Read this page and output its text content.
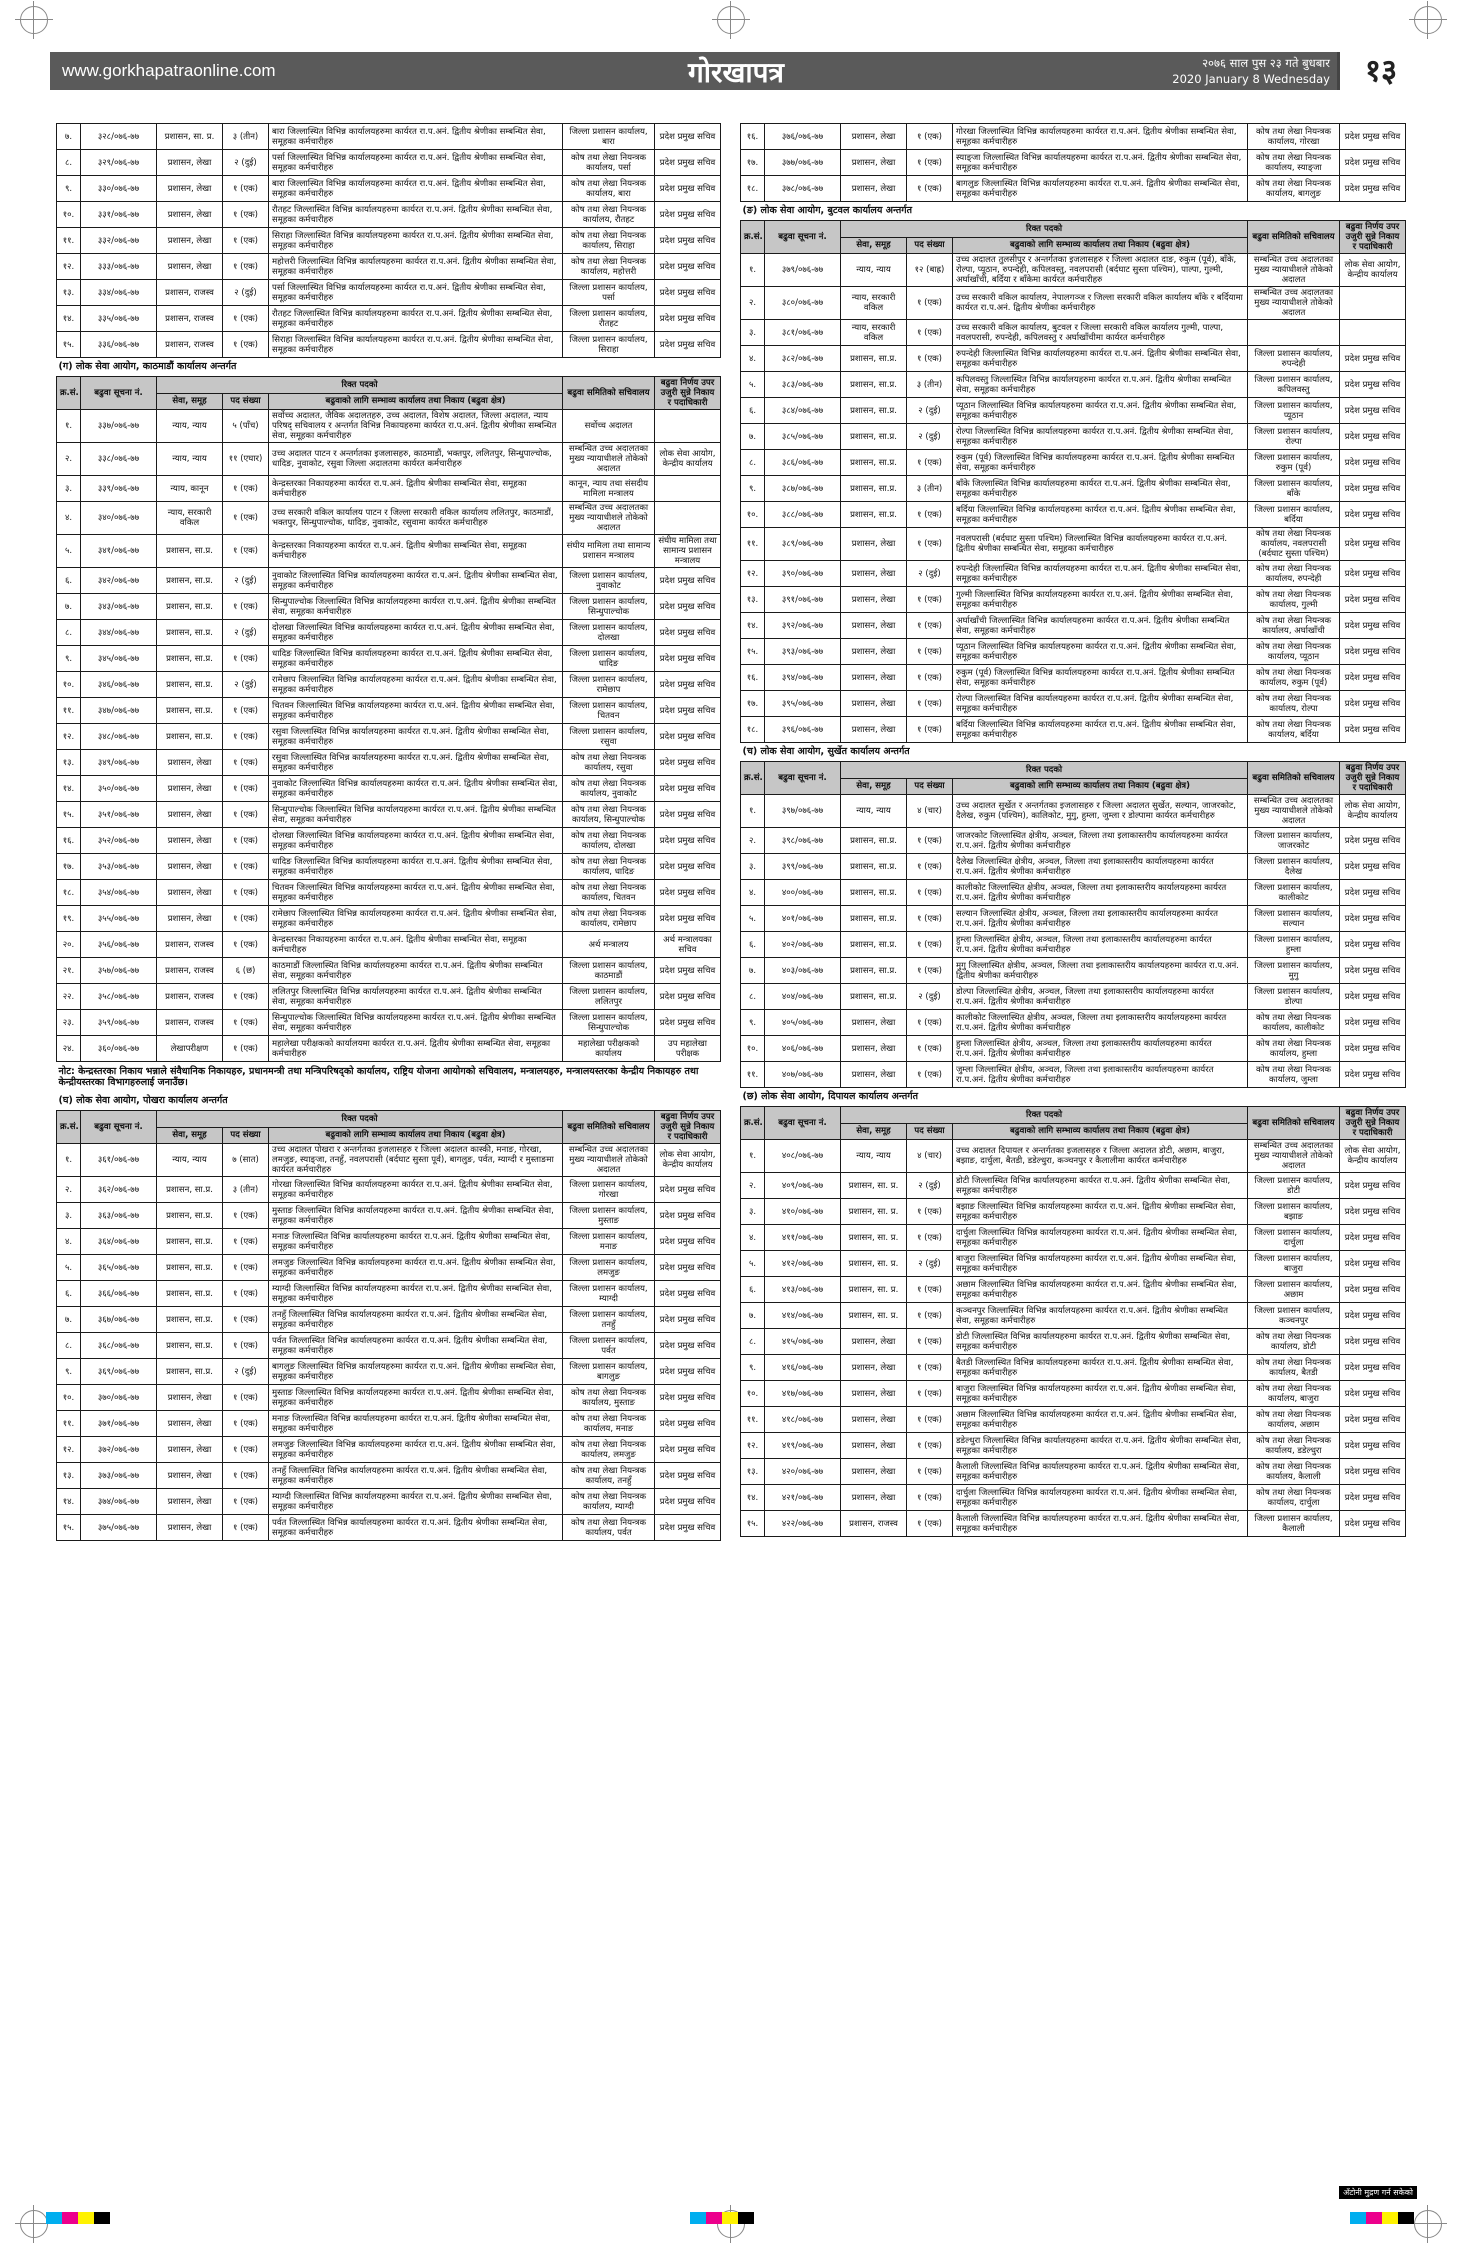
www.gorkhapatraonline.com	गोरखापत्र	२०७६ साल पुस २३ गते बुधबार
2020 January 8 Wednesday	१३
७.	३२८/०७६-७७	प्रशासन, सा. प्र.	३ (तीन)	बारा जिल्लास्थित विभिन्न कार्यालयहरुमा कार्यरत रा.प.अनं. द्वितीय श्रेणीका सम्बन्धित सेवा, समूहका कर्मचारीहरु	जिल्ला प्रशासन कार्यालय, बारा	प्रदेश प्रमुख सचिव
८.	३२९/०७६-७७	प्रशासन, लेखा	२ (दुई)	पर्सा जिल्लास्थित विभिन्न कार्यालयहरुमा कार्यरत रा.प.अनं. द्वितीय श्रेणीका सम्बन्धित सेवा, समूहका कर्मचारीहरु	कोष तथा लेखा नियन्त्रक कार्यालय, पर्सा	प्रदेश प्रमुख सचिव
९.	३३०/०७६-७७	प्रशासन, लेखा	१ (एक)	बारा जिल्लास्थित विभिन्न कार्यालयहरुमा कार्यरत रा.प.अनं. द्वितीय श्रेणीका सम्बन्धित सेवा, समूहका कर्मचारीहरु	कोष तथा लेखा नियन्त्रक कार्यालय, बारा	प्रदेश प्रमुख सचिव
१०.	३३१/०७६-७७	प्रशासन, लेखा	१ (एक)	रौतहट जिल्लास्थित विभिन्न कार्यालयहरुमा कार्यरत रा.प.अनं. द्वितीय श्रेणीका सम्बन्धित सेवा, समूहका कर्मचारीहरु	कोष तथा लेखा नियन्त्रक कार्यालय, रौतहट	प्रदेश प्रमुख सचिव
११.	३३२/०७६-७७	प्रशासन, लेखा	१ (एक)	सिराहा जिल्लास्थित विभिन्न कार्यालयहरुमा कार्यरत रा.प.अनं. द्वितीय श्रेणीका सम्बन्धित सेवा, समूहका कर्मचारीहरु	कोष तथा लेखा नियन्त्रक कार्यालय, सिराहा	प्रदेश प्रमुख सचिव
१२.	३३३/०७६-७७	प्रशासन, लेखा	१ (एक)	महोत्तरी जिल्लास्थित विभिन्न कार्यालयहरुमा कार्यरत रा.प.अनं. द्वितीय श्रेणीका सम्बन्धित सेवा, समूहका कर्मचारीहरु	कोष तथा लेखा नियन्त्रक कार्यालय, महोत्तरी	प्रदेश प्रमुख सचिव
१३.	३३४/०७६-७७	प्रशासन, राजस्व	२ (दुई)	पर्सा जिल्लास्थित विभिन्न कार्यालयहरुमा कार्यरत रा.प.अनं. द्वितीय श्रेणीका सम्बन्धित सेवा, समूहका कर्मचारीहरु	जिल्ला प्रशासन कार्यालय, पर्सा	प्रदेश प्रमुख सचिव
१४.	३३५/०७६-७७	प्रशासन, राजस्व	१ (एक)	रौतहट जिल्लास्थित विभिन्न कार्यालयहरुमा कार्यरत रा.प.अनं. द्वितीय श्रेणीका सम्बन्धित सेवा, समूहका कर्मचारीहरु	जिल्ला प्रशासन कार्यालय, रौतहट	प्रदेश प्रमुख सचिव
१५.	३३६/०७६-७७	प्रशासन, राजस्व	१ (एक)	सिराहा जिल्लास्थित विभिन्न कार्यालयहरुमा कार्यरत रा.प.अनं. द्वितीय श्रेणीका सम्बन्धित सेवा, समूहका कर्मचारीहरु	जिल्ला प्रशासन कार्यालय, सिराहा	प्रदेश प्रमुख सचिव
(ग) लोक सेवा आयोग, काठमाडौं कार्यालय अन्तर्गत						
क्र.सं.	बढुवा सूचना नं.	रिक्त पदको			बढुवा समितिको सचिवालय	बढुवा निर्णय उपर उजुरी सुन्ने निकाय र पदाधिकारी
		सेवा, समूह	पद संख्या	बढुवाको लागि सम्भाव्य कार्यालय तथा निकाय (बढुवा क्षेत्र)		
१.	३३७/०७६-७७	न्याय, न्याय	५ (पाँच)	सर्वोच्च अदालत, जैविक अदालतहरु, उच्च अदालत, विशेष अदालत, जिल्ला अदालत, न्याय परिषद् सचिवालय र अन्तर्गत विभिन्न निकायहरुमा कार्यरत रा.प.अनं. द्वितीय श्रेणीका सम्बन्धित सेवा, समूहका कर्मचारीहरु	सर्वोच्च अदालत	
२.	३३८/०७६-७७	न्याय, न्याय	११ (एघार)	उच्च अदालत पाटन र अन्तर्गतका इजलासहरु, काठमाडौं, भक्तपुर, ललितपुर, सिन्धुपाल्चोक, धादिङ, नुवाकोट, रसुवा जिल्ला अदालतमा कार्यरत कर्मचारीहरु	सम्बन्धित उच्च अदालतका मुख्य न्यायाधीशले तोकेको अदालत	लोक सेवा आयोग, केन्द्रीय कार्यालय
३.	३३९/०७६-७७	न्याय, कानून	१ (एक)	केन्द्रस्तरका निकायहरुमा कार्यरत रा.प.अनं. द्वितीय श्रेणीका सम्बन्धित सेवा, समूहका कर्मचारीहरु	कानून, न्याय तथा संसदीय मामिला मन्त्रालय	
४.	३४०/०७६-७७	न्याय, सरकारी वकिल	१ (एक)	उच्च सरकारी वकिल कार्यालय पाटन र जिल्ला सरकारी वकिल कार्यालय ललितपुर, काठमाडौं, भक्तपुर, सिन्धुपाल्चोक, धादिङ, नुवाकोट, रसुवामा कार्यरत कर्मचारीहरु	सम्बन्धित उच्च अदालतका मुख्य न्यायाधीशले तोकेको अदालत	
५.	३४१/०७६-७७	प्रशासन, सा.प्र.	१ (एक)	केन्द्रस्तरका निकायहरुमा कार्यरत रा.प.अनं. द्वितीय श्रेणीका सम्बन्धित सेवा, समूहका कर्मचारीहरु	संघीय मामिला तथा सामान्य प्रशासन मन्त्रालय	संघीय मामिला तथा सामान्य प्रशासन मन्त्रालय
६.	३४२/०७६-७७	प्रशासन, सा.प्र.	२ (दुई)	नुवाकोट जिल्लास्थित विभिन्न कार्यालयहरुमा कार्यरत रा.प.अनं. द्वितीय श्रेणीका सम्बन्धित सेवा, समूहका कर्मचारीहरु	जिल्ला प्रशासन कार्यालय, नुवाकोट	प्रदेश प्रमुख सचिव
७.	३४३/०७६-७७	प्रशासन, सा.प्र.	१ (एक)	सिन्धुपाल्चोक जिल्लास्थित विभिन्न कार्यालयहरुमा कार्यरत रा.प.अनं. द्वितीय श्रेणीका सम्बन्धित सेवा, समूहका कर्मचारीहरु	जिल्ला प्रशासन कार्यालय, सिन्धुपाल्चोक	प्रदेश प्रमुख सचिव
८.	३४४/०७६-७७	प्रशासन, सा.प्र.	२ (दुई)	दोलखा जिल्लास्थित विभिन्न कार्यालयहरुमा कार्यरत रा.प.अनं. द्वितीय श्रेणीका सम्बन्धित सेवा, समूहका कर्मचारीहरु	जिल्ला प्रशासन कार्यालय, दोलखा	प्रदेश प्रमुख सचिव
९.	३४५/०७६-७७	प्रशासन, सा.प्र.	१ (एक)	धादिङ जिल्लास्थित विभिन्न कार्यालयहरुमा कार्यरत रा.प.अनं. द्वितीय श्रेणीका सम्बन्धित सेवा, समूहका कर्मचारीहरु	जिल्ला प्रशासन कार्यालय, धादिङ	प्रदेश प्रमुख सचिव
१०.	३४६/०७६-७७	प्रशासन, सा.प्र.	२ (दुई)	रामेछाप जिल्लास्थित विभिन्न कार्यालयहरुमा कार्यरत रा.प.अनं. द्वितीय श्रेणीका सम्बन्धित सेवा, समूहका कर्मचारीहरु	जिल्ला प्रशासन कार्यालय, रामेछाप	प्रदेश प्रमुख सचिव
११.	३४७/०७६-७७	प्रशासन, सा.प्र.	१ (एक)	चितवन जिल्लास्थित विभिन्न कार्यालयहरुमा कार्यरत रा.प.अनं. द्वितीय श्रेणीका सम्बन्धित सेवा, समूहका कर्मचारीहरु	जिल्ला प्रशासन कार्यालय, चितवन	प्रदेश प्रमुख सचिव
१२.	३४८/०७६-७७	प्रशासन, सा.प्र.	१ (एक)	रसुवा जिल्लास्थित विभिन्न कार्यालयहरुमा कार्यरत रा.प.अनं. द्वितीय श्रेणीका सम्बन्धित सेवा, समूहका कर्मचारीहरु	जिल्ला प्रशासन कार्यालय, रसुवा	प्रदेश प्रमुख सचिव
१३.	३४९/०७६-७७	प्रशासन, लेखा	१ (एक)	रसुवा जिल्लास्थित विभिन्न कार्यालयहरुमा कार्यरत रा.प.अनं. द्वितीय श्रेणीका सम्बन्धित सेवा, समूहका कर्मचारीहरु	कोष तथा लेखा नियन्त्रक कार्यालय, रसुवा	प्रदेश प्रमुख सचिव
१४.	३५०/०७६-७७	प्रशासन, लेखा	१ (एक)	नुवाकोट जिल्लास्थित विभिन्न कार्यालयहरुमा कार्यरत रा.प.अनं. द्वितीय श्रेणीका सम्बन्धित सेवा, समूहका कर्मचारीहरु	कोष तथा लेखा नियन्त्रक कार्यालय, नुवाकोट	प्रदेश प्रमुख सचिव
१५.	३५१/०७६-७७	प्रशासन, लेखा	१ (एक)	सिन्धुपाल्चोक जिल्लास्थित विभिन्न कार्यालयहरुमा कार्यरत रा.प.अनं. द्वितीय श्रेणीका सम्बन्धित सेवा, समूहका कर्मचारीहरु	कोष तथा लेखा नियन्त्रक कार्यालय, सिन्धुपाल्चोक	प्रदेश प्रमुख सचिव
१६.	३५२/०७६-७७	प्रशासन, लेखा	१ (एक)	दोलखा जिल्लास्थित विभिन्न कार्यालयहरुमा कार्यरत रा.प.अनं. द्वितीय श्रेणीका सम्बन्धित सेवा, समूहका कर्मचारीहरु	कोष तथा लेखा नियन्त्रक कार्यालय, दोलखा	प्रदेश प्रमुख सचिव
१७.	३५३/०७६-७७	प्रशासन, लेखा	१ (एक)	धादिङ जिल्लास्थित विभिन्न कार्यालयहरुमा कार्यरत रा.प.अनं. द्वितीय श्रेणीका सम्बन्धित सेवा, समूहका कर्मचारीहरु	कोष तथा लेखा नियन्त्रक कार्यालय, धादिङ	प्रदेश प्रमुख सचिव
१८.	३५४/०७६-७७	प्रशासन, लेखा	१ (एक)	चितवन जिल्लास्थित विभिन्न कार्यालयहरुमा कार्यरत रा.प.अनं. द्वितीय श्रेणीका सम्बन्धित सेवा, समूहका कर्मचारीहरु	कोष तथा लेखा नियन्त्रक कार्यालय, चितवन	प्रदेश प्रमुख सचिव
१९.	३५५/०७६-७७	प्रशासन, लेखा	१ (एक)	रामेछाप जिल्लास्थित विभिन्न कार्यालयहरुमा कार्यरत रा.प.अनं. द्वितीय श्रेणीका सम्बन्धित सेवा, समूहका कर्मचारीहरु	कोष तथा लेखा नियन्त्रक कार्यालय, रामेछाप	प्रदेश प्रमुख सचिव
२०.	३५६/०७६-७७	प्रशासन, राजस्व	१ (एक)	केन्द्रस्तरका निकायहरुमा कार्यरत रा.प.अनं. द्वितीय श्रेणीका सम्बन्धित सेवा, समूहका कर्मचारीहरु	अर्थ मन्त्रालय	अर्थ मन्त्रालयका सचिव
२१.	३५७/०७६-७७	प्रशासन, राजस्व	६ (छ)	काठमाडौं जिल्लास्थित विभिन्न कार्यालयहरुमा कार्यरत रा.प.अनं. द्वितीय श्रेणीका सम्बन्धित सेवा, समूहका कर्मचारीहरु	जिल्ला प्रशासन कार्यालय, काठमाडौं	प्रदेश प्रमुख सचिव
२२.	३५८/०७६-७७	प्रशासन, राजस्व	१ (एक)	ललितपुर जिल्लास्थित विभिन्न कार्यालयहरुमा कार्यरत रा.प.अनं. द्वितीय श्रेणीका सम्बन्धित सेवा, समूहका कर्मचारीहरु	जिल्ला प्रशासन कार्यालय, ललितपुर	प्रदेश प्रमुख सचिव
२३.	३५९/०७६-७७	प्रशासन, राजस्व	१ (एक)	सिन्धुपाल्चोक जिल्लास्थित विभिन्न कार्यालयहरुमा कार्यरत रा.प.अनं. द्वितीय श्रेणीका सम्बन्धित सेवा, समूहका कर्मचारीहरु	जिल्ला प्रशासन कार्यालय, सिन्धुपाल्चोक	प्रदेश प्रमुख सचिव
२४.	३६०/०७६-७७	लेखापरीक्षण	१ (एक)	महालेखा परीक्षकको कार्यालयमा कार्यरत रा.प.अनं. द्वितीय श्रेणीका सम्बन्धित सेवा, समूहका कर्मचारीहरु	महालेखा परीक्षकको कार्यालय	उप महालेखा परीक्षक
नोट: केन्द्रस्तरका निकाय भन्नाले संवैधानिक निकायहरु, प्रधानमन्त्री तथा मन्त्रिपरिषद्को कार्यालय, राष्ट्रिय योजना आयोगको सचिवालय, मन्त्रालयहरु, मन्त्रालयस्तरका केन्द्रीय निकायहरु तथा केन्द्रीयस्तरका विभागहरुलाई जनाउँछ।						
(घ) लोक सेवा आयोग, पोखरा कार्यालय अन्तर्गत						
क्र.सं.	बढुवा सूचना नं.	रिक्त पदको			बढुवा समितिको सचिवालय	बढुवा निर्णय उपर उजुरी सुन्ने निकाय र पदाधिकारी
		सेवा, समूह	पद संख्या	बढुवाको लागि सम्भाव्य कार्यालय तथा निकाय (बढुवा क्षेत्र)		
१.	३६१/०७६-७७	न्याय, न्याय	७ (सात)	उच्च अदालत पोखरा र अन्तर्गतका इजलासहरु र जिल्ला अदालत कास्की, मनाङ, गोरखा, लमजुङ, स्याङ्जा, तनहुँ, नवलपरासी (बर्दघाट सुस्ता पूर्व), बागलुङ, पर्वत, म्याग्दी र मुस्ताङमा कार्यरत कर्मचारीहरु	सम्बन्धित उच्च अदालतका मुख्य न्यायाधीशले तोकेको अदालत	लोक सेवा आयोग, केन्द्रीय कार्यालय
२.	३६२/०७६-७७	प्रशासन, सा.प्र.	३ (तीन)	गोरखा जिल्लास्थित विभिन्न कार्यालयहरुमा कार्यरत रा.प.अनं. द्वितीय श्रेणीका सम्बन्धित सेवा, समूहका कर्मचारीहरु	जिल्ला प्रशासन कार्यालय, गोरखा	प्रदेश प्रमुख सचिव
३.	३६३/०७६-७७	प्रशासन, सा.प्र.	१ (एक)	मुस्ताङ जिल्लास्थित विभिन्न कार्यालयहरुमा कार्यरत रा.प.अनं. द्वितीय श्रेणीका सम्बन्धित सेवा, समूहका कर्मचारीहरु	जिल्ला प्रशासन कार्यालय, मुस्ताङ	प्रदेश प्रमुख सचिव
४.	३६४/०७६-७७	प्रशासन, सा.प्र.	१ (एक)	मनाङ जिल्लास्थित विभिन्न कार्यालयहरुमा कार्यरत रा.प.अनं. द्वितीय श्रेणीका सम्बन्धित सेवा, समूहका कर्मचारीहरु	जिल्ला प्रशासन कार्यालय, मनाङ	प्रदेश प्रमुख सचिव
५.	३६५/०७६-७७	प्रशासन, सा.प्र.	१ (एक)	लमजुङ जिल्लास्थित विभिन्न कार्यालयहरुमा कार्यरत रा.प.अनं. द्वितीय श्रेणीका सम्बन्धित सेवा, समूहका कर्मचारीहरु	जिल्ला प्रशासन कार्यालय, लमजुङ	प्रदेश प्रमुख सचिव
६.	३६६/०७६-७७	प्रशासन, सा.प्र.	१ (एक)	म्याग्दी जिल्लास्थित विभिन्न कार्यालयहरुमा कार्यरत रा.प.अनं. द्वितीय श्रेणीका सम्बन्धित सेवा, समूहका कर्मचारीहरु	जिल्ला प्रशासन कार्यालय, म्याग्दी	प्रदेश प्रमुख सचिव
७.	३६७/०७६-७७	प्रशासन, सा.प्र.	१ (एक)	तनहुँ जिल्लास्थित विभिन्न कार्यालयहरुमा कार्यरत रा.प.अनं. द्वितीय श्रेणीका सम्बन्धित सेवा, समूहका कर्मचारीहरु	जिल्ला प्रशासन कार्यालय, तनहुँ	प्रदेश प्रमुख सचिव
८.	३६८/०७६-७७	प्रशासन, सा.प्र.	१ (एक)	पर्वत जिल्लास्थित विभिन्न कार्यालयहरुमा कार्यरत रा.प.अनं. द्वितीय श्रेणीका सम्बन्धित सेवा, समूहका कर्मचारीहरु	जिल्ला प्रशासन कार्यालय, पर्वत	प्रदेश प्रमुख सचिव
९.	३६९/०७६-७७	प्रशासन, सा.प्र.	२ (दुई)	बागलुङ जिल्लास्थित विभिन्न कार्यालयहरुमा कार्यरत रा.प.अनं. द्वितीय श्रेणीका सम्बन्धित सेवा, समूहका कर्मचारीहरु	जिल्ला प्रशासन कार्यालय, बागलुङ	प्रदेश प्रमुख सचिव
१०.	३७०/०७६-७७	प्रशासन, लेखा	१ (एक)	मुस्ताङ जिल्लास्थित विभिन्न कार्यालयहरुमा कार्यरत रा.प.अनं. द्वितीय श्रेणीका सम्बन्धित सेवा, समूहका कर्मचारीहरु	कोष तथा लेखा नियन्त्रक कार्यालय, मुस्ताङ	प्रदेश प्रमुख सचिव
११.	३७१/०७६-७७	प्रशासन, लेखा	१ (एक)	मनाङ जिल्लास्थित विभिन्न कार्यालयहरुमा कार्यरत रा.प.अनं. द्वितीय श्रेणीका सम्बन्धित सेवा, समूहका कर्मचारीहरु	कोष तथा लेखा नियन्त्रक कार्यालय, मनाङ	प्रदेश प्रमुख सचिव
१२.	३७२/०७६-७७	प्रशासन, लेखा	१ (एक)	लमजुङ जिल्लास्थित विभिन्न कार्यालयहरुमा कार्यरत रा.प.अनं. द्वितीय श्रेणीका सम्बन्धित सेवा, समूहका कर्मचारीहरु	कोष तथा लेखा नियन्त्रक कार्यालय, लमजुङ	प्रदेश प्रमुख सचिव
१३.	३७३/०७६-७७	प्रशासन, लेखा	१ (एक)	तनहुँ जिल्लास्थित विभिन्न कार्यालयहरुमा कार्यरत रा.प.अनं. द्वितीय श्रेणीका सम्बन्धित सेवा, समूहका कर्मचारीहरु	कोष तथा लेखा नियन्त्रक कार्यालय, तनहुँ	प्रदेश प्रमुख सचिव
१४.	३७४/०७६-७७	प्रशासन, लेखा	१ (एक)	म्याग्दी जिल्लास्थित विभिन्न कार्यालयहरुमा कार्यरत रा.प.अनं. द्वितीय श्रेणीका सम्बन्धित सेवा, समूहका कर्मचारीहरु	कोष तथा लेखा नियन्त्रक कार्यालय, म्याग्दी	प्रदेश प्रमुख सचिव
१५.	३७५/०७६-७७	प्रशासन, लेखा	१ (एक)	पर्वत जिल्लास्थित विभिन्न कार्यालयहरुमा कार्यरत रा.प.अनं. द्वितीय श्रेणीका सम्बन्धित सेवा, समूहका कर्मचारीहरु	कोष तथा लेखा नियन्त्रक कार्यालय, पर्वत	प्रदेश प्रमुख सचिव
१६.	३७६/०७६-७७	प्रशासन, लेखा	१ (एक)	गोरखा जिल्लास्थित विभिन्न कार्यालयहरुमा कार्यरत रा.प.अनं. द्वितीय श्रेणीका सम्बन्धित सेवा, समूहका कर्मचारीहरु	कोष तथा लेखा नियन्त्रक कार्यालय, गोरखा	प्रदेश प्रमुख सचिव
१७.	३७७/०७६-७७	प्रशासन, लेखा	१ (एक)	स्याङ्जा जिल्लास्थित विभिन्न कार्यालयहरुमा कार्यरत रा.प.अनं. द्वितीय श्रेणीका सम्बन्धित सेवा, समूहका कर्मचारीहरु	कोष तथा लेखा नियन्त्रक कार्यालय, स्याङ्जा	प्रदेश प्रमुख सचिव
१८.	३७८/०७६-७७	प्रशासन, लेखा	१ (एक)	बागलुङ जिल्लास्थित विभिन्न कार्यालयहरुमा कार्यरत रा.प.अनं. द्वितीय श्रेणीका सम्बन्धित सेवा, समूहका कर्मचारीहरु	कोष तथा लेखा नियन्त्रक कार्यालय, बागलुङ	प्रदेश प्रमुख सचिव
(ङ) लोक सेवा आयोग, बुटवल कार्यालय अन्तर्गत						
क्र.सं.	बढुवा सूचना नं.	रिक्त पदको			बढुवा समितिको सचिवालय	बढुवा निर्णय उपर उजुरी सुन्ने निकाय र पदाधिकारी
		सेवा, समूह	पद संख्या	बढुवाको लागि सम्भाव्य कार्यालय तथा निकाय (बढुवा क्षेत्र)		
१.	३७९/०७६-७७	न्याय, न्याय	१२ (बाह्र)	उच्च अदालत तुलसीपुर र अन्तर्गतका इजलासहरु र जिल्ला अदालत दाङ, रुकुम (पूर्व), बाँके, रोल्पा, प्यूठान, रुपन्देही, कपिलवस्तु, नवलपरासी (बर्दघाट सुस्ता पश्चिम), पाल्पा, गुल्मी, अर्घाखाँची, बर्दिया र बाँकेमा कार्यरत कर्मचारीहरु	सम्बन्धित उच्च अदालतका मुख्य न्यायाधीशले तोकेको अदालत	लोक सेवा आयोग, केन्द्रीय कार्यालय
२.	३८०/०७६-७७	न्याय, सरकारी वकिल	१ (एक)	उच्च सरकारी वकिल कार्यालय, नेपालगञ्ज र जिल्ला सरकारी वकिल कार्यालय बाँके र बर्दियामा कार्यरत रा.प.अनं. द्वितीय श्रेणीका कर्मचारीहरु	सम्बन्धित उच्च अदालतका मुख्य न्यायाधीशले तोकेको अदालत	
३.	३८१/०७६-७७	न्याय, सरकारी वकिल	१ (एक)	उच्च सरकारी वकिल कार्यालय, बुटवल र जिल्ला सरकारी वकिल कार्यालय गुल्मी, पाल्पा, नवलपरासी, रुपन्देही, कपिलवस्तु र अर्घाखाँचीमा कार्यरत कर्मचारीहरु		
४.	३८२/०७६-७७	प्रशासन, सा.प्र.	१ (एक)	रुपन्देही जिल्लास्थित विभिन्न कार्यालयहरुमा कार्यरत रा.प.अनं. द्वितीय श्रेणीका सम्बन्धित सेवा, समूहका कर्मचारीहरु	जिल्ला प्रशासन कार्यालय, रुपन्देही	प्रदेश प्रमुख सचिव
५.	३८३/०७६-७७	प्रशासन, सा.प्र.	३ (तीन)	कपिलवस्तु जिल्लास्थित विभिन्न कार्यालयहरुमा कार्यरत रा.प.अनं. द्वितीय श्रेणीका सम्बन्धित सेवा, समूहका कर्मचारीहरु	जिल्ला प्रशासन कार्यालय, कपिलवस्तु	प्रदेश प्रमुख सचिव
६.	३८४/०७६-७७	प्रशासन, सा.प्र.	२ (दुई)	प्यूठान जिल्लास्थित विभिन्न कार्यालयहरुमा कार्यरत रा.प.अनं. द्वितीय श्रेणीका सम्बन्धित सेवा, समूहका कर्मचारीहरु	जिल्ला प्रशासन कार्यालय, प्यूठान	प्रदेश प्रमुख सचिव
७.	३८५/०७६-७७	प्रशासन, सा.प्र.	२ (दुई)	रोल्पा जिल्लास्थित विभिन्न कार्यालयहरुमा कार्यरत रा.प.अनं. द्वितीय श्रेणीका सम्बन्धित सेवा, समूहका कर्मचारीहरु	जिल्ला प्रशासन कार्यालय, रोल्पा	प्रदेश प्रमुख सचिव
८.	३८६/०७६-७७	प्रशासन, सा.प्र.	१ (एक)	रुकुम (पूर्व) जिल्लास्थित विभिन्न कार्यालयहरुमा कार्यरत रा.प.अनं. द्वितीय श्रेणीका सम्बन्धित सेवा, समूहका कर्मचारीहरु	जिल्ला प्रशासन कार्यालय, रुकुम (पूर्व)	प्रदेश प्रमुख सचिव
९.	३८७/०७६-७७	प्रशासन, सा.प्र.	३ (तीन)	बाँके जिल्लास्थित विभिन्न कार्यालयहरुमा कार्यरत रा.प.अनं. द्वितीय श्रेणीका सम्बन्धित सेवा, समूहका कर्मचारीहरु	जिल्ला प्रशासन कार्यालय, बाँके	प्रदेश प्रमुख सचिव
१०.	३८८/०७६-७७	प्रशासन, सा.प्र.	१ (एक)	बर्दिया जिल्लास्थित विभिन्न कार्यालयहरुमा कार्यरत रा.प.अनं. द्वितीय श्रेणीका सम्बन्धित सेवा, समूहका कर्मचारीहरु	जिल्ला प्रशासन कार्यालय, बर्दिया	प्रदेश प्रमुख सचिव
११.	३८९/०७६-७७	प्रशासन, लेखा	१ (एक)	नवलपरासी (बर्दघाट सुस्ता पश्चिम) जिल्लास्थित विभिन्न कार्यालयहरुमा कार्यरत रा.प.अनं. द्वितीय श्रेणीका सम्बन्धित सेवा, समूहका कर्मचारीहरु	कोष तथा लेखा नियन्त्रक कार्यालय, नवलपरासी (बर्दघाट सुस्ता पश्चिम)	प्रदेश प्रमुख सचिव
१२.	३९०/०७६-७७	प्रशासन, लेखा	२ (दुई)	रुपन्देही जिल्लास्थित विभिन्न कार्यालयहरुमा कार्यरत रा.प.अनं. द्वितीय श्रेणीका सम्बन्धित सेवा, समूहका कर्मचारीहरु	कोष तथा लेखा नियन्त्रक कार्यालय, रुपन्देही	प्रदेश प्रमुख सचिव
१३.	३९१/०७६-७७	प्रशासन, लेखा	१ (एक)	गुल्मी जिल्लास्थित विभिन्न कार्यालयहरुमा कार्यरत रा.प.अनं. द्वितीय श्रेणीका सम्बन्धित सेवा, समूहका कर्मचारीहरु	कोष तथा लेखा नियन्त्रक कार्यालय, गुल्मी	प्रदेश प्रमुख सचिव
१४.	३९२/०७६-७७	प्रशासन, लेखा	१ (एक)	अर्घाखाँची जिल्लास्थित विभिन्न कार्यालयहरुमा कार्यरत रा.प.अनं. द्वितीय श्रेणीका सम्बन्धित सेवा, समूहका कर्मचारीहरु	कोष तथा लेखा नियन्त्रक कार्यालय, अर्घाखाँची	प्रदेश प्रमुख सचिव
१५.	३९३/०७६-७७	प्रशासन, लेखा	१ (एक)	प्यूठान जिल्लास्थित विभिन्न कार्यालयहरुमा कार्यरत रा.प.अनं. द्वितीय श्रेणीका सम्बन्धित सेवा, समूहका कर्मचारीहरु	कोष तथा लेखा नियन्त्रक कार्यालय, प्यूठान	प्रदेश प्रमुख सचिव
१६.	३९४/०७६-७७	प्रशासन, लेखा	१ (एक)	रुकुम (पूर्व) जिल्लास्थित विभिन्न कार्यालयहरुमा कार्यरत रा.प.अनं. द्वितीय श्रेणीका सम्बन्धित सेवा, समूहका कर्मचारीहरु	कोष तथा लेखा नियन्त्रक कार्यालय, रुकुम (पूर्व)	प्रदेश प्रमुख सचिव
१७.	३९५/०७६-७७	प्रशासन, लेखा	१ (एक)	रोल्पा जिल्लास्थित विभिन्न कार्यालयहरुमा कार्यरत रा.प.अनं. द्वितीय श्रेणीका सम्बन्धित सेवा, समूहका कर्मचारीहरु	कोष तथा लेखा नियन्त्रक कार्यालय, रोल्पा	प्रदेश प्रमुख सचिव
१८.	३९६/०७६-७७	प्रशासन, लेखा	१ (एक)	बर्दिया जिल्लास्थित विभिन्न कार्यालयहरुमा कार्यरत रा.प.अनं. द्वितीय श्रेणीका सम्बन्धित सेवा, समूहका कर्मचारीहरु	कोष तथा लेखा नियन्त्रक कार्यालय, बर्दिया	प्रदेश प्रमुख सचिव
(च) लोक सेवा आयोग, सुर्खेत कार्यालय अन्तर्गत						
क्र.सं.	बढुवा सूचना नं.	रिक्त पदको			बढुवा समितिको सचिवालय	बढुवा निर्णय उपर उजुरी सुन्ने निकाय र पदाधिकारी
		सेवा, समूह	पद संख्या	बढुवाको लागि सम्भाव्य कार्यालय तथा निकाय (बढुवा क्षेत्र)		
१.	३९७/०७६-७७	न्याय, न्याय	४ (चार)	उच्च अदालत सुर्खेत र अन्तर्गतका इजलासहरु र जिल्ला अदालत सुर्खेत, सल्यान, जाजरकोट, दैलेख, रुकुम (पश्चिम), कालिकोट, मुगु, हुम्ला, जुम्ला र डोल्पामा कार्यरत कर्मचारीहरु	सम्बन्धित उच्च अदालतका मुख्य न्यायाधीशले तोकेको अदालत	लोक सेवा आयोग, केन्द्रीय कार्यालय
२.	३९८/०७६-७७	प्रशासन, सा.प्र.	१ (एक)	जाजरकोट जिल्लास्थित क्षेत्रीय, अञ्चल, जिल्ला तथा इलाकास्तरीय कार्यालयहरुमा कार्यरत रा.प.अनं. द्वितीय श्रेणीका कर्मचारीहरु	जिल्ला प्रशासन कार्यालय, जाजरकोट	प्रदेश प्रमुख सचिव
३.	३९९/०७६-७७	प्रशासन, सा.प्र.	१ (एक)	दैलेख जिल्लास्थित क्षेत्रीय, अञ्चल, जिल्ला तथा इलाकास्तरीय कार्यालयहरुमा कार्यरत रा.प.अनं. द्वितीय श्रेणीका कर्मचारीहरु	जिल्ला प्रशासन कार्यालय, दैलेख	प्रदेश प्रमुख सचिव
४.	४००/०७६-७७	प्रशासन, सा.प्र.	१ (एक)	कालीकोट जिल्लास्थित क्षेत्रीय, अञ्चल, जिल्ला तथा इलाकास्तरीय कार्यालयहरुमा कार्यरत रा.प.अनं. द्वितीय श्रेणीका कर्मचारीहरु	जिल्ला प्रशासन कार्यालय, कालीकोट	प्रदेश प्रमुख सचिव
५.	४०१/०७६-७७	प्रशासन, सा.प्र.	१ (एक)	सल्यान जिल्लास्थित क्षेत्रीय, अञ्चल, जिल्ला तथा इलाकास्तरीय कार्यालयहरुमा कार्यरत रा.प.अनं. द्वितीय श्रेणीका कर्मचारीहरु	जिल्ला प्रशासन कार्यालय, सल्यान	प्रदेश प्रमुख सचिव
६.	४०२/०७६-७७	प्रशासन, सा.प्र.	१ (एक)	हुम्ला जिल्लास्थित क्षेत्रीय, अञ्चल, जिल्ला तथा इलाकास्तरीय कार्यालयहरुमा कार्यरत रा.प.अनं. द्वितीय श्रेणीका कर्मचारीहरु	जिल्ला प्रशासन कार्यालय, हुम्ला	प्रदेश प्रमुख सचिव
७.	४०३/०७६-७७	प्रशासन, सा.प्र.	१ (एक)	मुगु जिल्लास्थित क्षेत्रीय, अञ्चल, जिल्ला तथा इलाकास्तरीय कार्यालयहरुमा कार्यरत रा.प.अनं. द्वितीय श्रेणीका कर्मचारीहरु	जिल्ला प्रशासन कार्यालय, मुगु	प्रदेश प्रमुख सचिव
८.	४०४/०७६-७७	प्रशासन, सा.प्र.	२ (दुई)	डोल्पा जिल्लास्थित क्षेत्रीय, अञ्चल, जिल्ला तथा इलाकास्तरीय कार्यालयहरुमा कार्यरत रा.प.अनं. द्वितीय श्रेणीका कर्मचारीहरु	जिल्ला प्रशासन कार्यालय, डोल्पा	प्रदेश प्रमुख सचिव
९.	४०५/०७६-७७	प्रशासन, लेखा	१ (एक)	कालीकोट जिल्लास्थित क्षेत्रीय, अञ्चल, जिल्ला तथा इलाकास्तरीय कार्यालयहरुमा कार्यरत रा.प.अनं. द्वितीय श्रेणीका कर्मचारीहरु	कोष तथा लेखा नियन्त्रक कार्यालय, कालीकोट	प्रदेश प्रमुख सचिव
१०.	४०६/०७६-७७	प्रशासन, लेखा	१ (एक)	हुम्ला जिल्लास्थित क्षेत्रीय, अञ्चल, जिल्ला तथा इलाकास्तरीय कार्यालयहरुमा कार्यरत रा.प.अनं. द्वितीय श्रेणीका कर्मचारीहरु	कोष तथा लेखा नियन्त्रक कार्यालय, हुम्ला	प्रदेश प्रमुख सचिव
११.	४०७/०७६-७७	प्रशासन, लेखा	१ (एक)	जुम्ला जिल्लास्थित क्षेत्रीय, अञ्चल, जिल्ला तथा इलाकास्तरीय कार्यालयहरुमा कार्यरत रा.प.अनं. द्वितीय श्रेणीका कर्मचारीहरु	कोष तथा लेखा नियन्त्रक कार्यालय, जुम्ला	प्रदेश प्रमुख सचिव
(छ) लोक सेवा आयोग, दिपायल कार्यालय अन्तर्गत						
क्र.सं.	बढुवा सूचना नं.	रिक्त पदको			बढुवा समितिको सचिवालय	बढुवा निर्णय उपर उजुरी सुन्ने निकाय र पदाधिकारी
		सेवा, समूह	पद संख्या	बढुवाको लागि सम्भाव्य कार्यालय तथा निकाय (बढुवा क्षेत्र)		
१.	४०८/०७६-७७	न्याय, न्याय	४ (चार)	उच्च अदालत दिपायल र अन्तर्गतका इजलासहरु र जिल्ला अदालत डोटी, अछाम, बाजुरा, बझाङ, दार्चुला, बैतडी, डडेल्धुरा, कञ्चनपुर र कैलालीमा कार्यरत कर्मचारीहरु	सम्बन्धित उच्च अदालतका मुख्य न्यायाधीशले तोकेको अदालत	लोक सेवा आयोग, केन्द्रीय कार्यालय
२.	४०९/०७६-७७	प्रशासन, सा. प्र.	२ (दुई)	डोटी जिल्लास्थित विभिन्न कार्यालयहरुमा कार्यरत रा.प.अनं. द्वितीय श्रेणीका सम्बन्धित सेवा, समूहका कर्मचारीहरु	जिल्ला प्रशासन कार्यालय, डोटी	प्रदेश प्रमुख सचिव
३.	४१०/०७६-७७	प्रशासन, सा. प्र.	१ (एक)	बझाङ जिल्लास्थित विभिन्न कार्यालयहरुमा कार्यरत रा.प.अनं. द्वितीय श्रेणीका सम्बन्धित सेवा, समूहका कर्मचारीहरु	जिल्ला प्रशासन कार्यालय, बझाङ	प्रदेश प्रमुख सचिव
४.	४११/०७६-७७	प्रशासन, सा. प्र.	१ (एक)	दार्चुला जिल्लास्थित विभिन्न कार्यालयहरुमा कार्यरत रा.प.अनं. द्वितीय श्रेणीका सम्बन्धित सेवा, समूहका कर्मचारीहरु	जिल्ला प्रशासन कार्यालय, दार्चुला	प्रदेश प्रमुख सचिव
५.	४१२/०७६-७७	प्रशासन, सा. प्र.	२ (दुई)	बाजुरा जिल्लास्थित विभिन्न कार्यालयहरुमा कार्यरत रा.प.अनं. द्वितीय श्रेणीका सम्बन्धित सेवा, समूहका कर्मचारीहरु	जिल्ला प्रशासन कार्यालय, बाजुरा	प्रदेश प्रमुख सचिव
६.	४१३/०७६-७७	प्रशासन, सा. प्र.	१ (एक)	अछाम जिल्लास्थित विभिन्न कार्यालयहरुमा कार्यरत रा.प.अनं. द्वितीय श्रेणीका सम्बन्धित सेवा, समूहका कर्मचारीहरु	जिल्ला प्रशासन कार्यालय, अछाम	प्रदेश प्रमुख सचिव
७.	४१४/०७६-७७	प्रशासन, सा. प्र.	१ (एक)	कञ्चनपुर जिल्लास्थित विभिन्न कार्यालयहरुमा कार्यरत रा.प.अनं. द्वितीय श्रेणीका सम्बन्धित सेवा, समूहका कर्मचारीहरु	जिल्ला प्रशासन कार्यालय, कञ्चनपुर	प्रदेश प्रमुख सचिव
८.	४१५/०७६-७७	प्रशासन, लेखा	१ (एक)	डोटी जिल्लास्थित विभिन्न कार्यालयहरुमा कार्यरत रा.प.अनं. द्वितीय श्रेणीका सम्बन्धित सेवा, समूहका कर्मचारीहरु	कोष तथा लेखा नियन्त्रक कार्यालय, डोटी	प्रदेश प्रमुख सचिव
९.	४१६/०७६-७७	प्रशासन, लेखा	१ (एक)	बैतडी जिल्लास्थित विभिन्न कार्यालयहरुमा कार्यरत रा.प.अनं. द्वितीय श्रेणीका सम्बन्धित सेवा, समूहका कर्मचारीहरु	कोष तथा लेखा नियन्त्रक कार्यालय, बैतडी	प्रदेश प्रमुख सचिव
१०.	४१७/०७६-७७	प्रशासन, लेखा	१ (एक)	बाजुरा जिल्लास्थित विभिन्न कार्यालयहरुमा कार्यरत रा.प.अनं. द्वितीय श्रेणीका सम्बन्धित सेवा, समूहका कर्मचारीहरु	कोष तथा लेखा नियन्त्रक कार्यालय, बाजुरा	प्रदेश प्रमुख सचिव
११.	४१८/०७६-७७	प्रशासन, लेखा	१ (एक)	अछाम जिल्लास्थित विभिन्न कार्यालयहरुमा कार्यरत रा.प.अनं. द्वितीय श्रेणीका सम्बन्धित सेवा, समूहका कर्मचारीहरु	कोष तथा लेखा नियन्त्रक कार्यालय, अछाम	प्रदेश प्रमुख सचिव
१२.	४१९/०७६-७७	प्रशासन, लेखा	१ (एक)	डडेल्धुरा जिल्लास्थित विभिन्न कार्यालयहरुमा कार्यरत रा.प.अनं. द्वितीय श्रेणीका सम्बन्धित सेवा, समूहका कर्मचारीहरु	कोष तथा लेखा नियन्त्रक कार्यालय, डडेल्धुरा	प्रदेश प्रमुख सचिव
१३.	४२०/०७६-७७	प्रशासन, लेखा	१ (एक)	कैलाली जिल्लास्थित विभिन्न कार्यालयहरुमा कार्यरत रा.प.अनं. द्वितीय श्रेणीका सम्बन्धित सेवा, समूहका कर्मचारीहरु	कोष तथा लेखा नियन्त्रक कार्यालय, कैलाली	प्रदेश प्रमुख सचिव
१४.	४२१/०७६-७७	प्रशासन, लेखा	१ (एक)	दार्चुला जिल्लास्थित विभिन्न कार्यालयहरुमा कार्यरत रा.प.अनं. द्वितीय श्रेणीका सम्बन्धित सेवा, समूहका कर्मचारीहरु	कोष तथा लेखा नियन्त्रक कार्यालय, दार्चुला	प्रदेश प्रमुख सचिव
१५.	४२२/०७६-७७	प्रशासन, राजस्व	१ (एक)	कैलाली जिल्लास्थित विभिन्न कार्यालयहरुमा कार्यरत रा.प.अनं. द्वितीय श्रेणीका सम्बन्धित सेवा, समूहका कर्मचारीहरु	जिल्ला प्रशासन कार्यालय, कैलाली	प्रदेश प्रमुख सचिव
अँटोनी मुद्रण गर्न सकेको
